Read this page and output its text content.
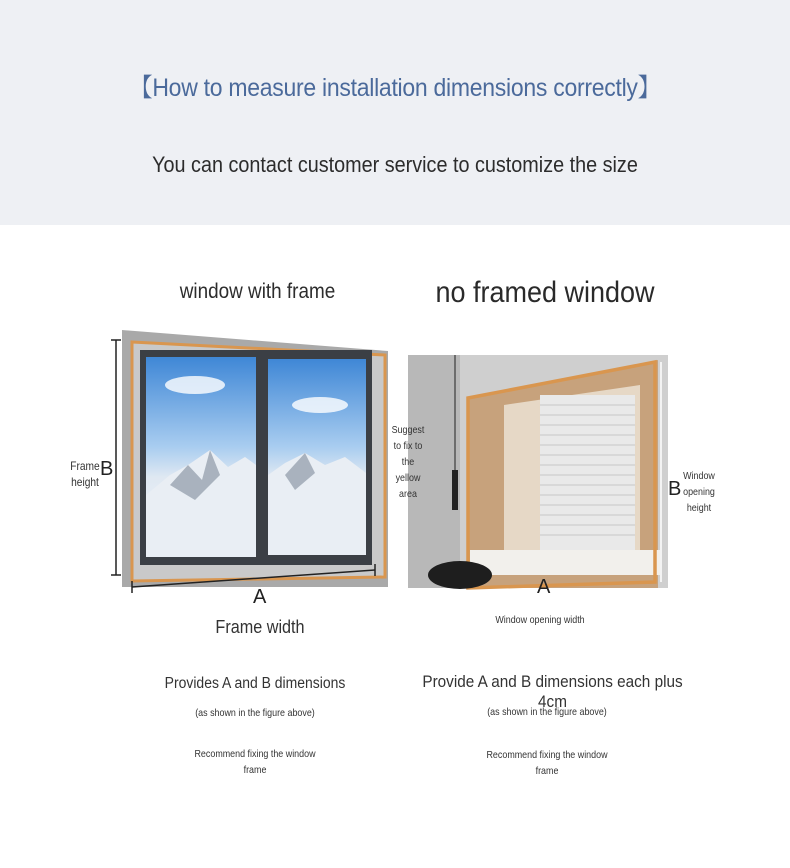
【How to measure installation dimensions correctly】
You can contact customer service to customize the size
window with frame
Frame height
B
A
Frame width
Provides A and B dimensions
(as shown in the figure above)
Recommend fixing the window frame
no framed window
Suggest to fix to the yellow area
Window opening height
B
A
Window opening width
Provide A and B dimensions each plus 4cm
(as shown in the figure above)
Recommend fixing the window frame
